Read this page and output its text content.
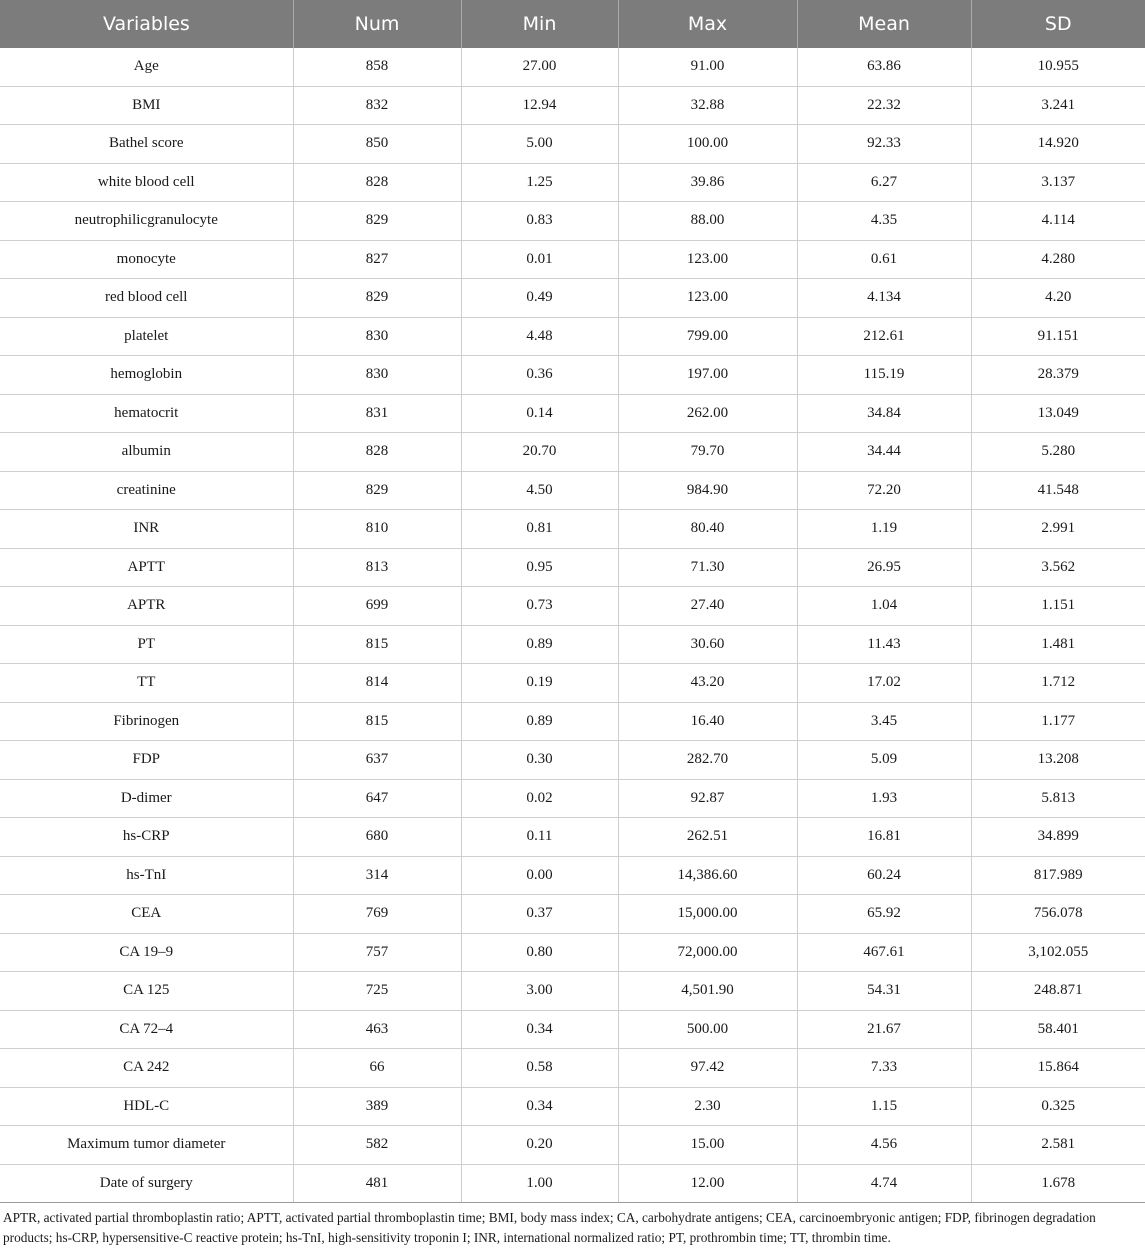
Variables	Num	Min	Max	Mean	SD
Age	858	27.00	91.00	63.86	10.955
BMI	832	12.94	32.88	22.32	3.241
Bathel score	850	5.00	100.00	92.33	14.920
white blood cell	828	1.25	39.86	6.27	3.137
neutrophilicgranulocyte	829	0.83	88.00	4.35	4.114
monocyte	827	0.01	123.00	0.61	4.280
red blood cell	829	0.49	123.00	4.134	4.20
platelet	830	4.48	799.00	212.61	91.151
hemoglobin	830	0.36	197.00	115.19	28.379
hematocrit	831	0.14	262.00	34.84	13.049
albumin	828	20.70	79.70	34.44	5.280
creatinine	829	4.50	984.90	72.20	41.548
INR	810	0.81	80.40	1.19	2.991
APTT	813	0.95	71.30	26.95	3.562
APTR	699	0.73	27.40	1.04	1.151
PT	815	0.89	30.60	11.43	1.481
TT	814	0.19	43.20	17.02	1.712
Fibrinogen	815	0.89	16.40	3.45	1.177
FDP	637	0.30	282.70	5.09	13.208
D-dimer	647	0.02	92.87	1.93	5.813
hs-CRP	680	0.11	262.51	16.81	34.899
hs-TnI	314	0.00	14,386.60	60.24	817.989
CEA	769	0.37	15,000.00	65.92	756.078
CA 19–9	757	0.80	72,000.00	467.61	3,102.055
CA 125	725	3.00	4,501.90	54.31	248.871
CA 72–4	463	0.34	500.00	21.67	58.401
CA 242	66	0.58	97.42	7.33	15.864
HDL-C	389	0.34	2.30	1.15	0.325
Maximum tumor diameter	582	0.20	15.00	4.56	2.581
Date of surgery	481	1.00	12.00	4.74	1.678

APTR, activated partial thromboplastin ratio; APTT, activated partial thromboplastin time; BMI, body mass index; CA, carbohydrate antigens; CEA, carcinoembryonic antigen; FDP, fibrinogen degradation products; hs-CRP, hypersensitive-C reactive protein; hs-TnI, high-sensitivity troponin I; INR, international normalized ratio; PT, prothrombin time; TT, thrombin time.
